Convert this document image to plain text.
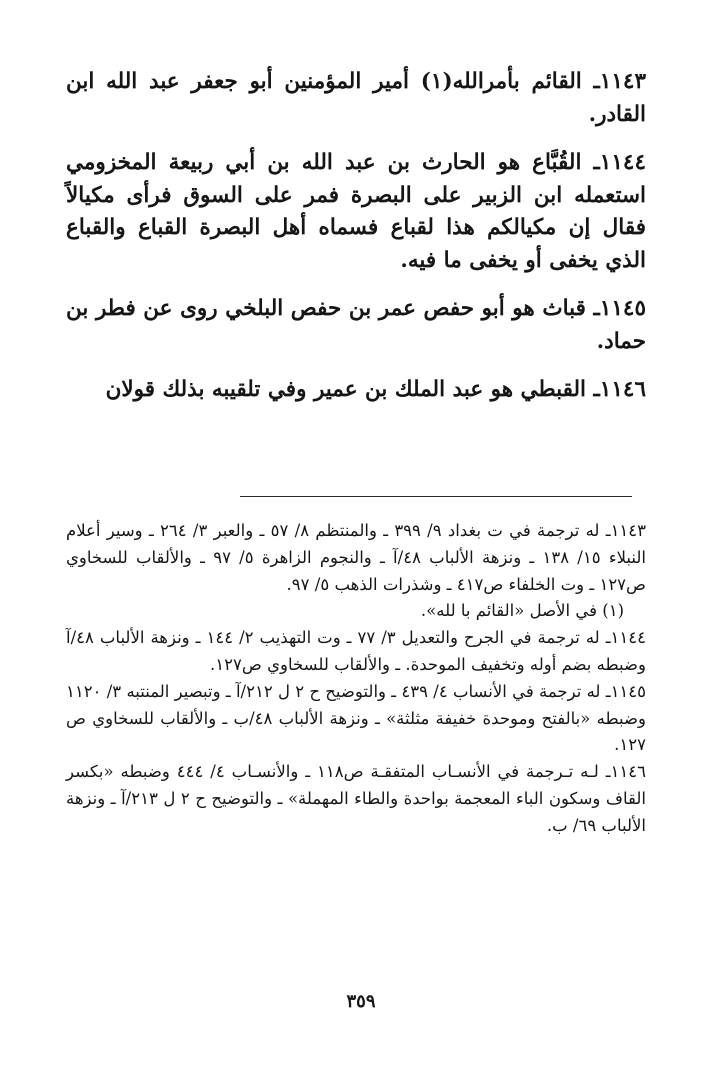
١١٤٣ـ القائم بأمرالله(١) أمير المؤمنين أبو جعفر عبد الله ابن القادر.

١١٤٤ـ القُبَّاع هو الحارث بن عبد الله بن أبي ربيعة المخزومي استعمله ابن الزبير على البصرة فمر على السوق فرأى مكيالاً فقال إن مكيالكم هذا لقباع فسماه أهل البصرة القباع والقباع الذي يخفى أو يخفى ما فيه.

١١٤٥ـ قباث هو أبو حفص عمر بن حفص البلخي روى عن فطر بن حماد.

١١٤٦ـ القبطي هو عبد الملك بن عمير وفي تلقيبه بذلك قولان

١١٤٣ـ له ترجمة في ت بغداد ٩/ ٣٩٩ ـ والمنتظم ٨/ ٥٧ ـ والعبر ٣/ ٢٦٤ ـ وسير أعلام النبلاء ١٥/ ١٣٨ ـ ونزهة الألباب ٤٨/آ ـ والنجوم الزاهرة ٥/ ٩٧ ـ والألقاب للسخاوي ص١٢٧ ـ وت الخلفاء ص٤١٧ ـ وشذرات الذهب ٥/ ٩٧.

(١) في الأصل «القائم با لله».

١١٤٤ـ له ترجمة في الجرح والتعديل ٣/ ٧٧ ـ وت التهذيب ٢/ ١٤٤ ـ ونزهة الألباب ٤٨/آ وضبطه بضم أوله وتخفيف الموحدة. ـ والألقاب للسخاوي ص١٢٧.

١١٤٥ـ له ترجمة في الأنساب ٤/ ٤٣٩ ـ والتوضيح ح ٢ ل ٢١٢/آ ـ وتبصير المنتبه ٣/ ١١٢٠ وضبطه «بالفتح وموحدة خفيفة مثلثة» ـ ونزهة الألباب ٤٨/ب ـ والألقاب للسخاوي ص ١٢٧.

١١٤٦ـ لـه تـرجمة في الأنسـاب المتفقـة ص١١٨ ـ والأنسـاب ٤/ ٤٤٤ وضبطه «بكسر القاف وسكون الباء المعجمة بواحدة والطاء المهملة» ـ والتوضيح ح ٢ ل ٢١٣/آ ـ ونزهة الألباب ٦٩/ ب.

٣٥٩
